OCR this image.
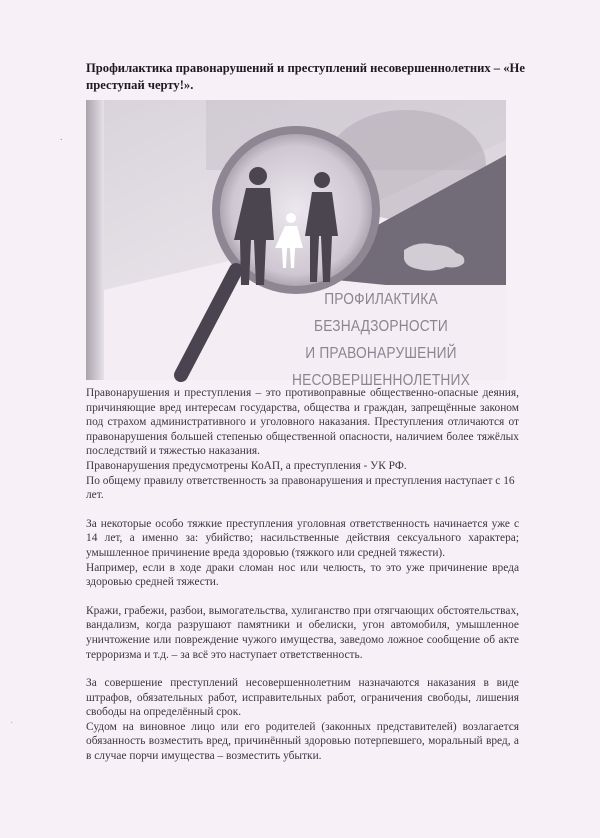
Профилактика правонарушений и преступлений несовершеннолетних – «Не преступай черту!».
ПРОФИЛАКТИКА БЕЗНАДЗОРНОСТИ
И ПРАВОНАРУШЕНИЙ
НЕСОВЕРШЕННОЛЕТНИХ

Правонарушения и преступления – это противоправные общественно-опасные деяния, причиняющие вред интересам государства, общества и граждан, запрещённые законом под страхом административного и уголовного наказания. Преступления отличаются от правонарушения большей степенью общественной опасности, наличием более тяжёлых последствий и тяжестью наказания.

Правонарушения предусмотрены КоАП, а преступления - УК РФ.

По общему правилу ответственность за правонарушения и преступления наступает с 16 лет.

За некоторые особо тяжкие преступления уголовная ответственность начинается уже с 14 лет, а именно за: убийство; насильственные действия сексуального характера; умышленное причинение вреда здоровью (тяжкого или средней тяжести).

Например, если в ходе драки сломан нос или челюсть, то это уже причинение вреда здоровью средней тяжести.

Кражи, грабежи, разбои, вымогательства, хулиганство при отягчающих обстоятельствах, вандализм, когда разрушают памятники и обелиски, угон автомобиля, умышленное уничтожение или повреждение чужого имущества, заведомо ложное сообщение об акте терроризма и т.д. – за всё это наступает ответственность.

За совершение преступлений несовершеннолетним назначаются наказания в виде штрафов, обязательных работ, исправительных работ, ограничения свободы, лишения свободы на определённый срок.

Судом на виновное лицо или его родителей (законных представителей) возлагается обязанность возместить вред, причинённый здоровью потерпевшего, моральный вред, а в случае порчи имущества – возместить убытки.

.
·
